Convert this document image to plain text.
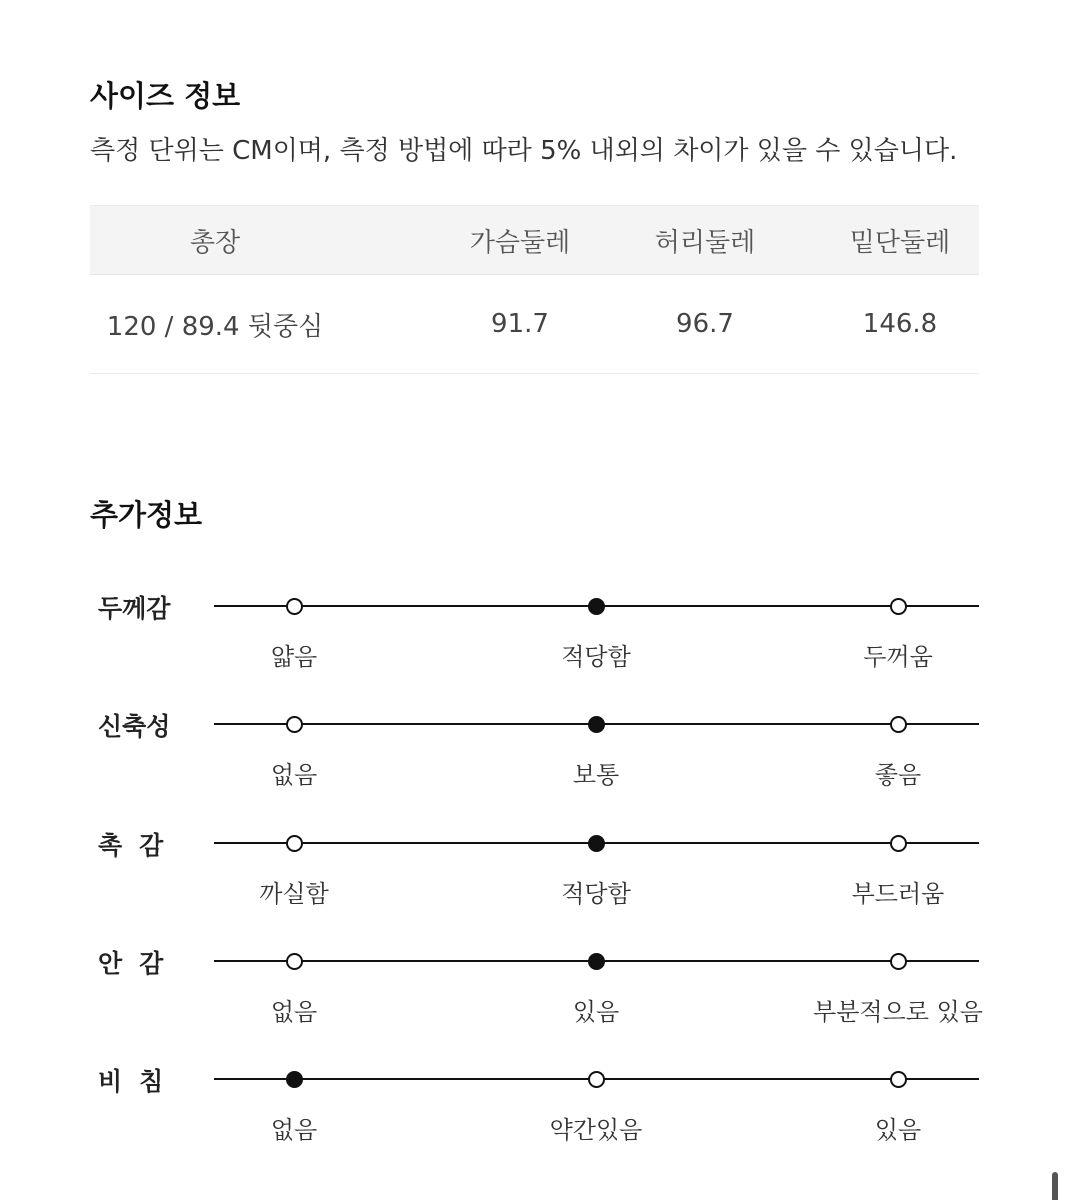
사이즈 정보
측정 단위는 CM이며, 측정 방법에 따라 5% 내외의 차이가 있을 수 있습니다.
총장	가슴둘레	허리둘레	밑단둘레
120 / 89.4 뒷중심	91.7	96.7	146.8
추가정보
두께감
얇음	적당함	두꺼움
신축성
없음	보통	좋음
촉감
까실함	적당함	부드러움
안감
없음	있음	부분적으로 있음
비침
없음	약간있음	있음
